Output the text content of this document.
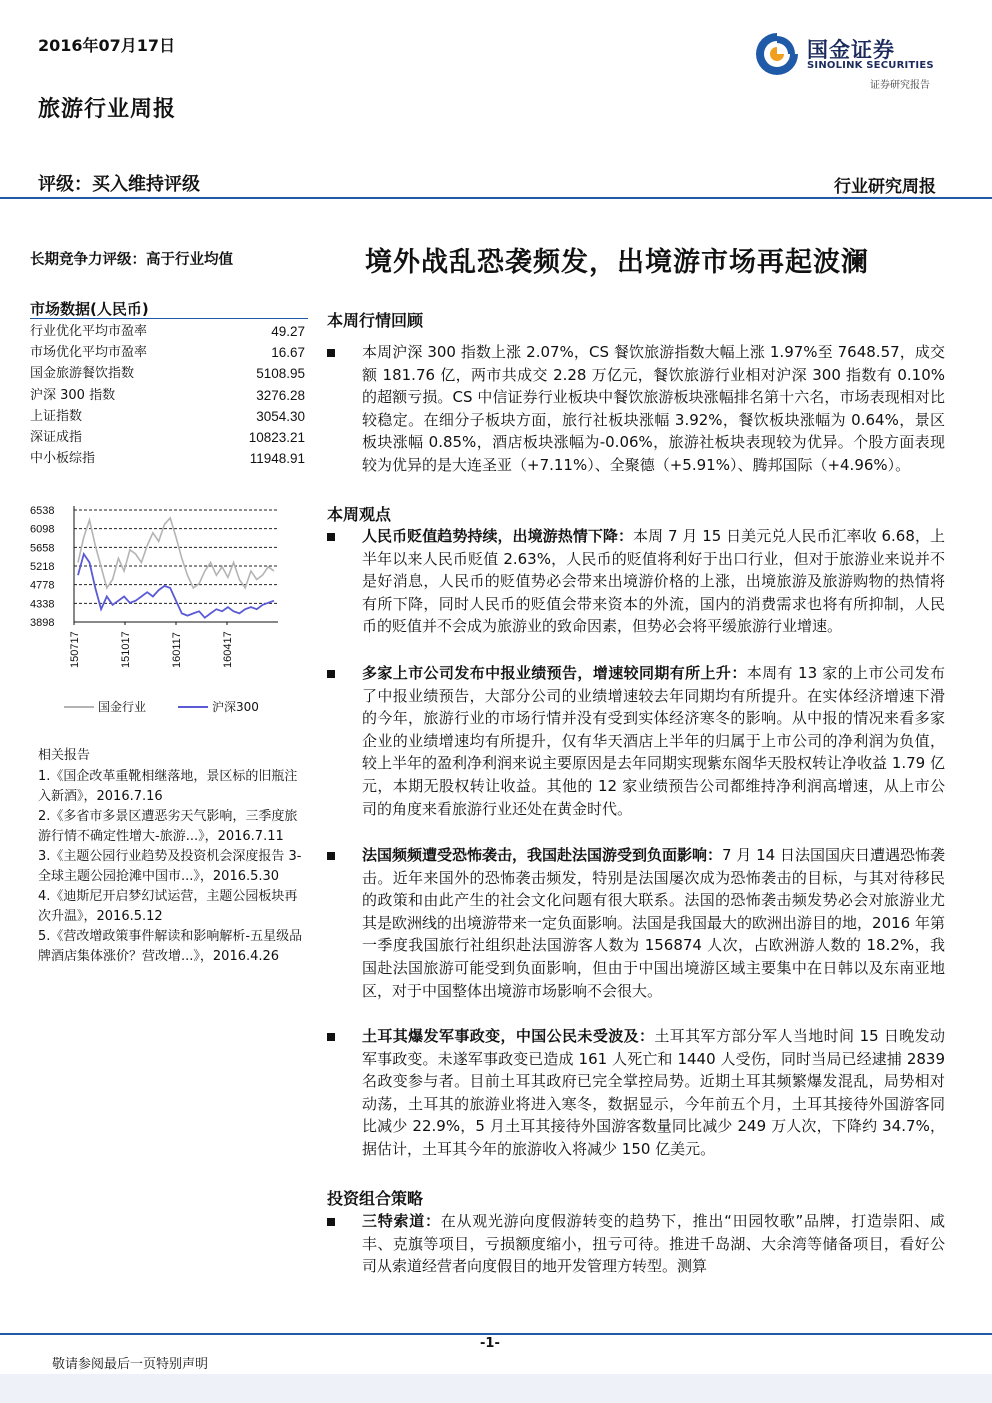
2016年07月17日	国金证券
SINOLINK SECURITIES
证券研究报告
旅游行业周报
评级：买入维持评级	行业研究周报
长期竞争力评级：高于行业均值	境外战乱恐袭频发，出境游市场再起波澜
市场数据(人民币)
行业优化平均市盈率	49.27
市场优化平均市盈率	16.67
国金旅游餐饮指数	5108.95
沪深 300 指数	3276.28
上证指数	3054.30
深证成指	10823.21
中小板综指	11948.91
6538
6098
5658
5218
4778
4338
3898
150717	151017	160117	160417
国金行业	沪深300
相关报告
1.《国企改革重靴相继落地，景区标的旧瓶注入新酒》，2016.7.16
2.《多省市多景区遭恶劣天气影响，三季度旅游行情不确定性增大-旅游...》，2016.7.11
3.《主题公园行业趋势及投资机会深度报告 3-全球主题公园抢滩中国市...》，2016.5.30
4.《迪斯尼开启梦幻试运营，主题公园板块再次升温》，2016.5.12
5.《营改增政策事件解读和影响解析-五星级品牌酒店集体涨价？营改增...》，2016.4.26
本周行情回顾
本周沪深 300 指数上涨 2.07%，CS 餐饮旅游指数大幅上涨 1.97%至 7648.57，成交额 181.76 亿，两市共成交 2.28 万亿元，餐饮旅游行业相对沪深 300 指数有 0.10%的超额亏损。CS 中信证券行业板块中餐饮旅游板块涨幅排名第十六名，市场表现相对比较稳定。在细分子板块方面，旅行社板块涨幅 3.92%，餐饮板块涨幅为 0.64%，景区板块涨幅 0.85%，酒店板块涨幅为-0.06%，旅游社板块表现较为优异。个股方面表现较为优异的是大连圣亚（+7.11%）、全聚德（+5.91%）、腾邦国际（+4.96%）。
本周观点
人民币贬值趋势持续，出境游热情下降：本周 7 月 15 日美元兑人民币汇率收 6.68，上半年以来人民币贬值 2.63%，人民币的贬值将利好于出口行业，但对于旅游业来说并不是好消息，人民币的贬值势必会带来出境游价格的上涨，出境旅游及旅游购物的热情将有所下降，同时人民币的贬值会带来资本的外流，国内的消费需求也将有所抑制，人民币的贬值并不会成为旅游业的致命因素，但势必会将平缓旅游行业增速。
多家上市公司发布中报业绩预告，增速较同期有所上升：本周有 13 家的上市公司发布了中报业绩预告，大部分公司的业绩增速较去年同期均有所提升。在实体经济增速下滑的今年，旅游行业的市场行情并没有受到实体经济寒冬的影响。从中报的情况来看多家企业的业绩增速均有所提升，仅有华天酒店上半年的归属于上市公司的净利润为负值，较上半年的盈利净利润来说主要原因是去年同期实现紫东阁华天股权转让净收益 1.79 亿元，本期无股权转让收益。其他的 12 家业绩预告公司都维持净利润高增速，从上市公司的角度来看旅游行业还处在黄金时代。
法国频频遭受恐怖袭击，我国赴法国游受到负面影响：7 月 14 日法国国庆日遭遇恐怖袭击。近年来国外的恐怖袭击频发，特别是法国屡次成为恐怖袭击的目标，与其对待移民的政策和由此产生的社会文化问题有很大联系。法国的恐怖袭击频发势必会对旅游业尤其是欧洲线的出境游带来一定负面影响。法国是我国最大的欧洲出游目的地，2016 年第一季度我国旅行社组织赴法国游客人数为 156874 人次，占欧洲游人数的 18.2%，我国赴法国旅游可能受到负面影响，但由于中国出境游区域主要集中在日韩以及东南亚地区，对于中国整体出境游市场影响不会很大。
土耳其爆发军事政变，中国公民未受波及：土耳其军方部分军人当地时间 15 日晚发动军事政变。未遂军事政变已造成 161 人死亡和 1440 人受伤，同时当局已经逮捕 2839 名政变参与者。目前土耳其政府已完全掌控局势。近期土耳其频繁爆发混乱，局势相对动荡，土耳其的旅游业将进入寒冬，数据显示，今年前五个月，土耳其接待外国游客同比减少 22.9%，5 月土耳其接待外国游客数量同比减少 249 万人次，下降约 34.7%，据估计，土耳其今年的旅游收入将减少 150 亿美元。
投资组合策略
三特索道：在从观光游向度假游转变的趋势下，推出“田园牧歌”品牌，打造崇阳、咸丰、克旗等项目，亏损额度缩小，扭亏可待。推进千岛湖、大余湾等储备项目，看好公司从索道经营者向度假目的地开发管理方转型。测算
-1-
敬请参阅最后一页特别声明
